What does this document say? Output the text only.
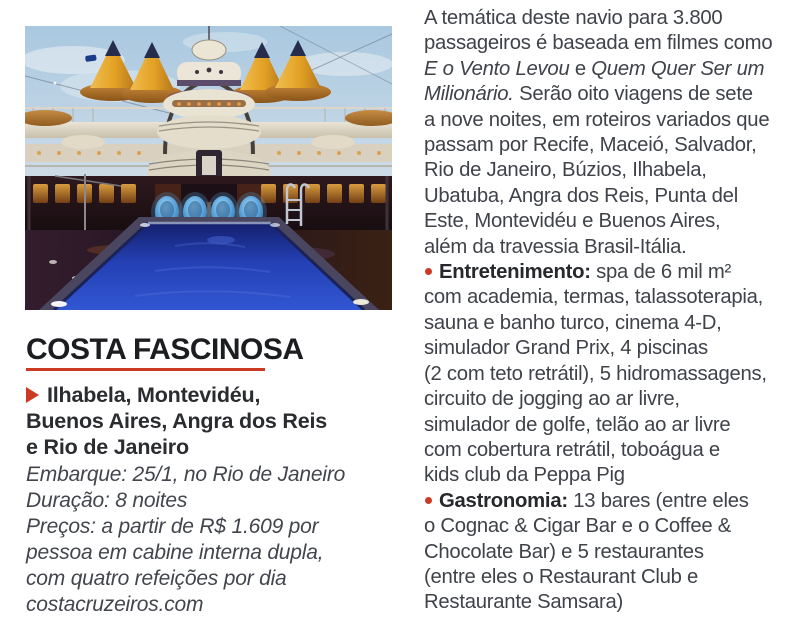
COSTA FASCINOSA
Ilhabela, Montevidéu,
Buenos Aires, Angra dos Reis
e Rio de Janeiro
Embarque: 25/1, no Rio de Janeiro
Duração: 8 noites
Preços: a partir de R$ 1.609 por
pessoa em cabine interna dupla,
com quatro refeições por dia
costacruzeiros.com
A temática deste navio para 3.800
passageiros é baseada em filmes como
E o Vento Levou e Quem Quer Ser um
Milionário. Serão oito viagens de sete
a nove noites, em roteiros variados que
passam por Recife, Maceió, Salvador,
Rio de Janeiro, Búzios, Ilhabela,
Ubatuba, Angra dos Reis, Punta del
Este, Montevidéu e Buenos Aires,
além da travessia Brasil-Itália.
Entretenimento: spa de 6 mil m²
com academia, termas, talassoterapia,
sauna e banho turco, cinema 4-D,
simulador Grand Prix, 4 piscinas
(2 com teto retrátil), 5 hidromassagens,
circuito de jogging ao ar livre,
simulador de golfe, telão ao ar livre
com cobertura retrátil, toboágua e
kids club da Peppa Pig
Gastronomia: 13 bares (entre eles
o Cognac & Cigar Bar e o Coffee &
Chocolate Bar) e 5 restaurantes
(entre eles o Restaurant Club e
Restaurante Samsara)
